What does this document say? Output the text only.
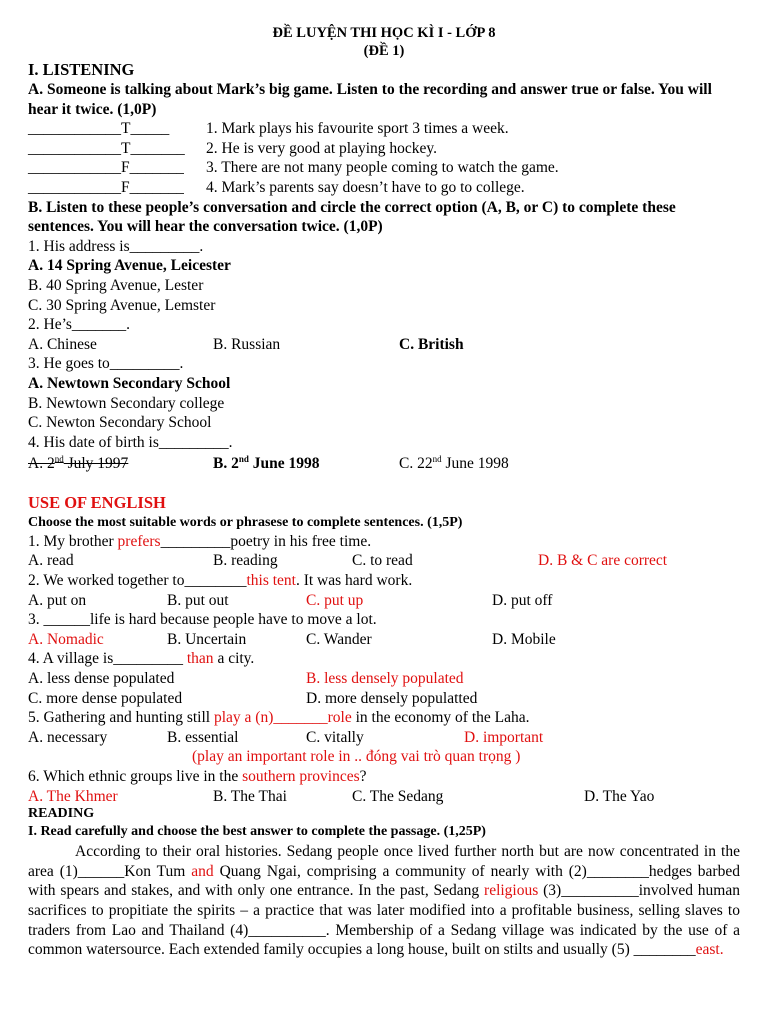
ĐỀ LUYỆN THI HỌC KÌ I - LỚP 8
(ĐỀ 1)
I. LISTENING
A. Someone is talking about Mark’s big game. Listen to the recording and answer true or false. You will hear it twice. (1,0P)
____________T_____	1. Mark plays his favourite sport 3 times a week.
____________T_______	2. He is very good at playing hockey.
____________F_______	3. There are not many people coming to watch the game.
____________F_______	4. Mark’s parents say doesn’t have to go to college.
B. Listen to these people’s conversation and circle the correct option (A, B, or C) to complete these sentences. You will hear the conversation twice. (1,0P)
1. His address is_________.
A. 14 Spring Avenue, Leicester
B. 40 Spring Avenue, Lester
C. 30 Spring Avenue, Lemster
2. He’s_______.
A. Chinese	B. Russian	C. British
3. He goes to_________.
A. Newtown Secondary School
B. Newtown Secondary college
C. Newton Secondary School
4. His date of birth is_________.
A. 2nd July 1997	B. 2nd June 1998	C. 22nd June 1998
USE OF ENGLISH
Choose the most suitable words or phrasese to complete sentences. (1,5P)
1. My brother prefers_________poetry in his free time.
A. read	B. reading	C. to read	D. B & C are correct
2. We worked together to________this tent. It was hard work.
A. put on	B. put out	C. put up	D. put off
3. ______life is hard because people have to move a lot.
A. Nomadic	B. Uncertain	C. Wander	D. Mobile
4. A village is_________ than a city.
A. less dense populated	B. less densely populated
C. more dense populated	D. more densely populatted
5. Gathering and hunting still play a (n)_______role in the economy of the Laha.
A. necessary	B. essential	C. vitally	D. important
(play an important role in .. đóng vai trò quan trọng )
6. Which ethnic groups live in the southern provinces?
A. The Khmer	B. The Thai	C. The Sedang	D. The Yao
READING
I. Read carefully and choose the best answer to complete the passage. (1,25P)
According to their oral histories. Sedang people once lived further north but are now concentrated in the area (1)______Kon Tum and Quang Ngai, comprising a community of nearly with (2)________hedges barbed with spears and stakes, and with only one entrance. In the past, Sedang religious (3)__________involved human sacrifices to propitiate the spirits – a practice that was later modified into a profitable business, selling slaves to traders from Lao and Thailand (4)__________. Membership of a Sedang village was indicated by the use of a common watersource. Each extended family occupies a long house, built on stilts and usually (5) ________east.
